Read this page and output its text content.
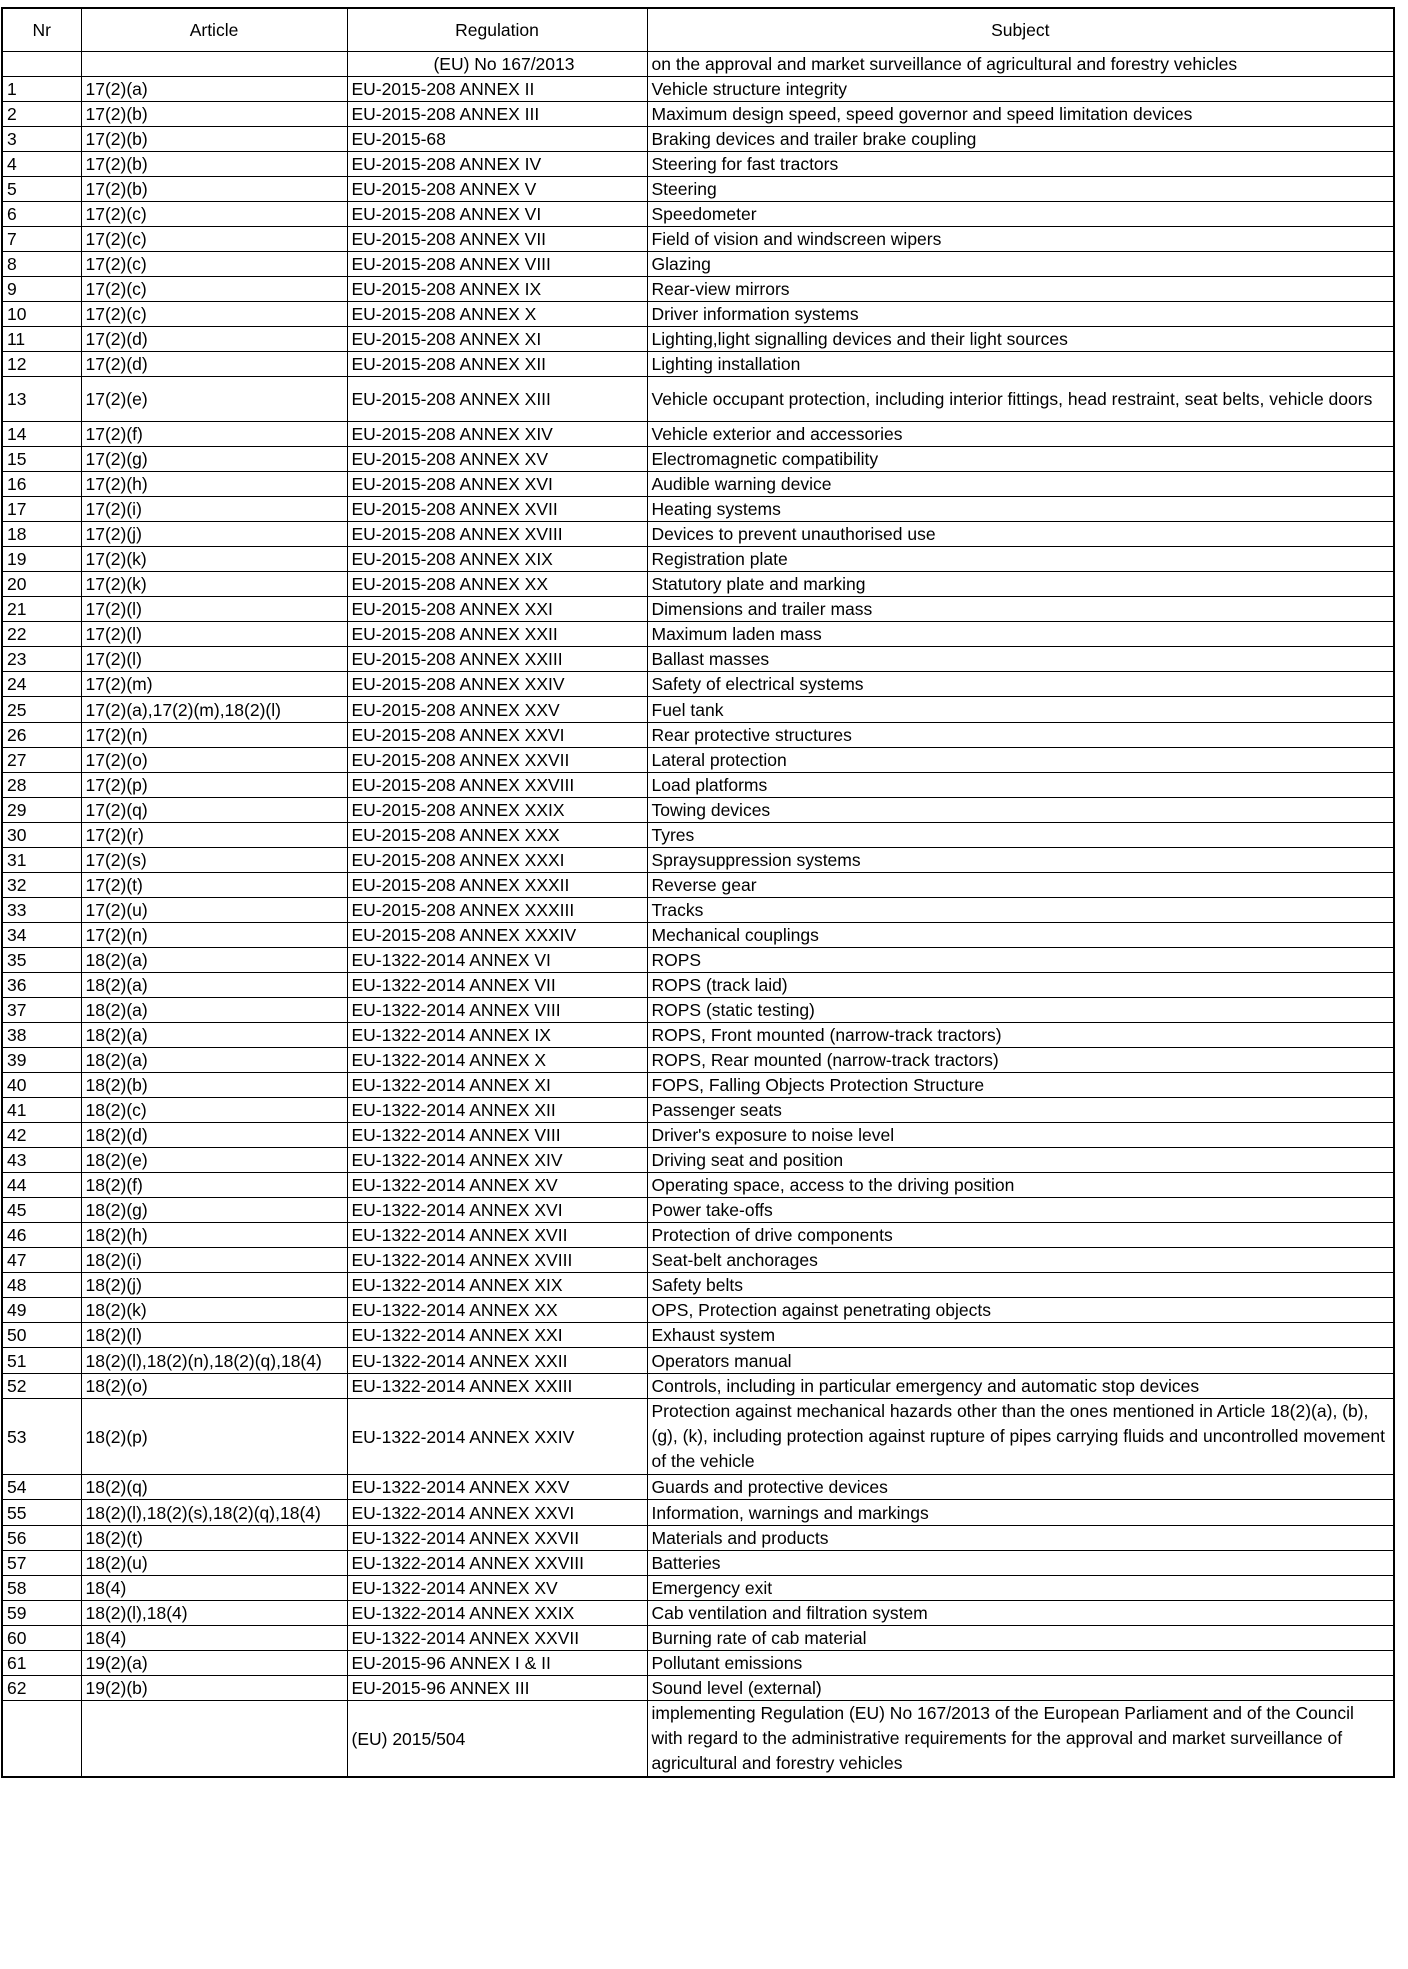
Nr	Article	Regulation	Subject
		(EU) No 167/2013	on the approval and market surveillance of agricultural and forestry vehicles
1	17(2)(a)	EU-2015-208 ANNEX II	Vehicle structure integrity
2	17(2)(b)	EU-2015-208 ANNEX III	Maximum design speed, speed governor and speed limitation devices
3	17(2)(b)	EU-2015-68	Braking devices and trailer brake coupling
4	17(2)(b)	EU-2015-208 ANNEX IV	Steering for fast tractors
5	17(2)(b)	EU-2015-208 ANNEX V	Steering
6	17(2)(c)	EU-2015-208 ANNEX VI	Speedometer
7	17(2)(c)	EU-2015-208 ANNEX VII	Field of vision and windscreen wipers
8	17(2)(c)	EU-2015-208 ANNEX VIII	Glazing
9	17(2)(c)	EU-2015-208 ANNEX IX	Rear-view mirrors
10	17(2)(c)	EU-2015-208 ANNEX X	Driver information systems
11	17(2)(d)	EU-2015-208 ANNEX XI	Lighting,light signalling devices and their light sources
12	17(2)(d)	EU-2015-208 ANNEX XII	Lighting installation
13	17(2)(e)	EU-2015-208 ANNEX XIII	Vehicle occupant protection, including interior fittings, head restraint, seat belts, vehicle doors
14	17(2)(f)	EU-2015-208 ANNEX XIV	Vehicle exterior and accessories
15	17(2)(g)	EU-2015-208 ANNEX XV	Electromagnetic compatibility
16	17(2)(h)	EU-2015-208 ANNEX XVI	Audible warning device
17	17(2)(i)	EU-2015-208 ANNEX XVII	Heating systems
18	17(2)(j)	EU-2015-208 ANNEX XVIII	Devices to prevent unauthorised use
19	17(2)(k)	EU-2015-208 ANNEX XIX	Registration plate
20	17(2)(k)	EU-2015-208 ANNEX XX	Statutory plate and marking
21	17(2)(l)	EU-2015-208 ANNEX XXI	Dimensions and trailer mass
22	17(2)(l)	EU-2015-208 ANNEX XXII	Maximum laden mass
23	17(2)(l)	EU-2015-208 ANNEX XXIII	Ballast masses
24	17(2)(m)	EU-2015-208 ANNEX XXIV	Safety of electrical systems
25	17(2)(a),17(2)(m),18(2)(l)	EU-2015-208 ANNEX XXV	Fuel tank
26	17(2)(n)	EU-2015-208 ANNEX XXVI	Rear protective structures
27	17(2)(o)	EU-2015-208 ANNEX XXVII	Lateral protection
28	17(2)(p)	EU-2015-208 ANNEX XXVIII	Load platforms
29	17(2)(q)	EU-2015-208 ANNEX XXIX	Towing devices
30	17(2)(r)	EU-2015-208 ANNEX XXX	Tyres
31	17(2)(s)	EU-2015-208 ANNEX XXXI	Spraysuppression systems
32	17(2)(t)	EU-2015-208 ANNEX XXXII	Reverse gear
33	17(2)(u)	EU-2015-208 ANNEX XXXIII	Tracks
34	17(2)(n)	EU-2015-208 ANNEX XXXIV	Mechanical couplings
35	18(2)(a)	EU-1322-2014 ANNEX VI	ROPS
36	18(2)(a)	EU-1322-2014 ANNEX VII	ROPS (track laid)
37	18(2)(a)	EU-1322-2014 ANNEX VIII	ROPS (static testing)
38	18(2)(a)	EU-1322-2014 ANNEX IX	ROPS, Front mounted (narrow-track tractors)
39	18(2)(a)	EU-1322-2014 ANNEX X	ROPS, Rear mounted (narrow-track tractors)
40	18(2)(b)	EU-1322-2014 ANNEX XI	FOPS, Falling Objects Protection Structure
41	18(2)(c)	EU-1322-2014 ANNEX XII	Passenger seats
42	18(2)(d)	EU-1322-2014 ANNEX VIII	Driver's exposure to noise level
43	18(2)(e)	EU-1322-2014 ANNEX XIV	Driving seat and position
44	18(2)(f)	EU-1322-2014 ANNEX XV	Operating space, access to the driving position
45	18(2)(g)	EU-1322-2014 ANNEX XVI	Power take-offs
46	18(2)(h)	EU-1322-2014 ANNEX XVII	Protection of drive components
47	18(2)(i)	EU-1322-2014 ANNEX XVIII	Seat-belt anchorages
48	18(2)(j)	EU-1322-2014 ANNEX XIX	Safety belts
49	18(2)(k)	EU-1322-2014 ANNEX XX	OPS, Protection against penetrating objects
50	18(2)(l)	EU-1322-2014 ANNEX XXI	Exhaust system
51	18(2)(l),18(2)(n),18(2)(q),18(4)	EU-1322-2014 ANNEX XXII	Operators manual
52	18(2)(o)	EU-1322-2014 ANNEX XXIII	Controls, including in particular emergency and automatic stop devices
53	18(2)(p)	EU-1322-2014 ANNEX XXIV	Protection against mechanical hazards other than the ones mentioned in Article 18(2)(a), (b), (g), (k), including protection against rupture of pipes carrying fluids and uncontrolled movement of the vehicle
54	18(2)(q)	EU-1322-2014 ANNEX XXV	Guards and protective devices
55	18(2)(l),18(2)(s),18(2)(q),18(4)	EU-1322-2014 ANNEX XXVI	Information, warnings and markings
56	18(2)(t)	EU-1322-2014 ANNEX XXVII	Materials and products
57	18(2)(u)	EU-1322-2014 ANNEX XXVIII	Batteries
58	18(4)	EU-1322-2014 ANNEX XV	Emergency exit
59	18(2)(l),18(4)	EU-1322-2014 ANNEX XXIX	Cab ventilation and filtration system
60	18(4)	EU-1322-2014 ANNEX XXVII	Burning rate of cab material
61	19(2)(a)	EU-2015-96 ANNEX I & II	Pollutant emissions
62	19(2)(b)	EU-2015-96 ANNEX III	Sound level (external)
		(EU) 2015/504	implementing Regulation (EU) No 167/2013 of the European Parliament and of the Council with regard to the administrative requirements for the approval and market surveillance of agricultural and forestry vehicles
